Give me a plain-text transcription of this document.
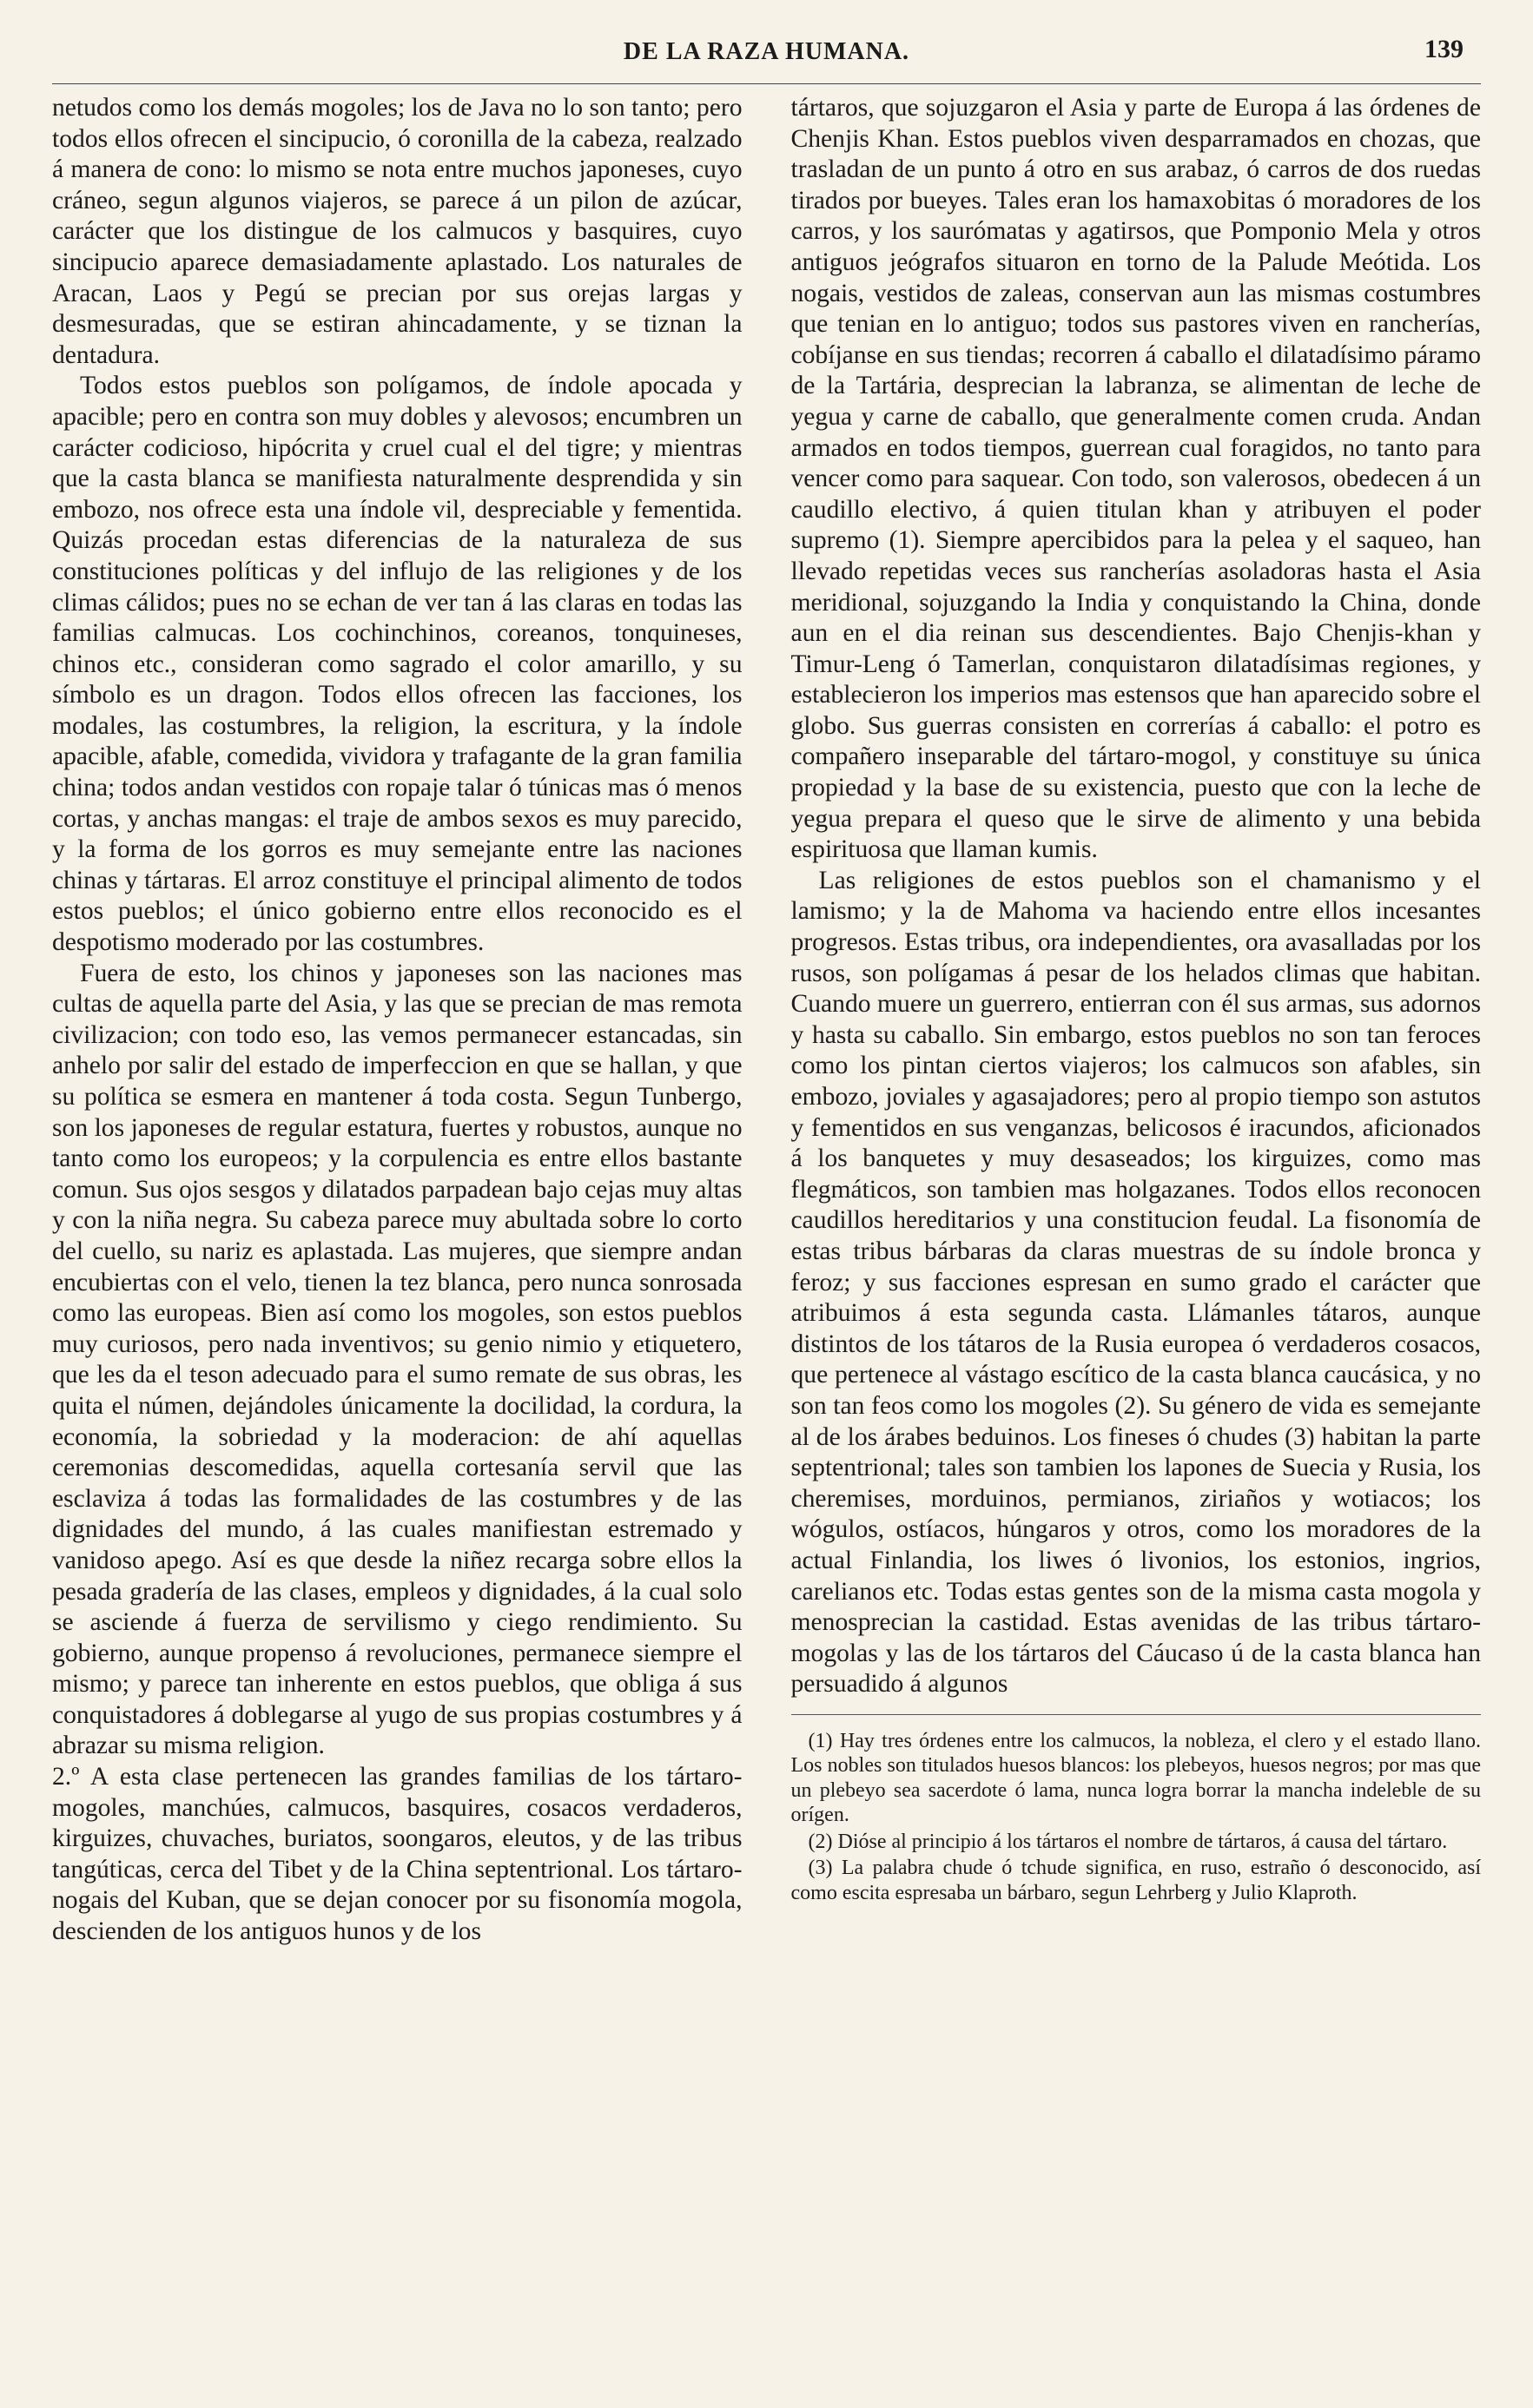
DE LA RAZA HUMANA.	139

netudos como los demás mogoles; los de Java no lo son tanto; pero todos ellos ofrecen el sincipucio, ó coronilla de la cabeza, realzado á manera de cono: lo mismo se nota entre muchos japoneses, cuyo cráneo, segun algunos viajeros, se parece á un pilon de azúcar, carácter que los distingue de los calmucos y basquires, cuyo sincipucio aparece demasiadamente aplastado. Los naturales de Aracan, Laos y Pegú se precian por sus orejas largas y desmesuradas, que se estiran ahincadamente, y se tiznan la dentadura.

Todos estos pueblos son polígamos, de índole apocada y apacible; pero en contra son muy dobles y alevosos; encumbren un carácter codicioso, hipócrita y cruel cual el del tigre; y mientras que la casta blanca se manifiesta naturalmente desprendida y sin embozo, nos ofrece esta una índole vil, despreciable y fementida. Quizás procedan estas diferencias de la naturaleza de sus constituciones políticas y del influjo de las religiones y de los climas cálidos; pues no se echan de ver tan á las claras en todas las familias calmucas. Los cochinchinos, coreanos, tonquineses, chinos etc., consideran como sagrado el color amarillo, y su símbolo es un dragon. Todos ellos ofrecen las facciones, los modales, las costumbres, la religion, la escritura, y la índole apacible, afable, comedida, vividora y trafagante de la gran familia china; todos andan vestidos con ropaje talar ó túnicas mas ó menos cortas, y anchas mangas: el traje de ambos sexos es muy parecido, y la forma de los gorros es muy semejante entre las naciones chinas y tártaras. El arroz constituye el principal alimento de todos estos pueblos; el único gobierno entre ellos reconocido es el despotismo moderado por las costumbres.

Fuera de esto, los chinos y japoneses son las naciones mas cultas de aquella parte del Asia, y las que se precian de mas remota civilizacion; con todo eso, las vemos permanecer estancadas, sin anhelo por salir del estado de imperfeccion en que se hallan, y que su política se esmera en mantener á toda costa. Segun Tunbergo, son los japoneses de regular estatura, fuertes y robustos, aunque no tanto como los europeos; y la corpulencia es entre ellos bastante comun. Sus ojos sesgos y dilatados parpadean bajo cejas muy altas y con la niña negra. Su cabeza parece muy abultada sobre lo corto del cuello, su nariz es aplastada. Las mujeres, que siempre andan encubiertas con el velo, tienen la tez blanca, pero nunca sonrosada como las europeas. Bien así como los mogoles, son estos pueblos muy curiosos, pero nada inventivos; su genio nimio y etiquetero, que les da el teson adecuado para el sumo remate de sus obras, les quita el númen, dejándoles únicamente la docilidad, la cordura, la economía, la sobriedad y la moderacion: de ahí aquellas ceremonias descomedidas, aquella cortesanía servil que las esclaviza á todas las formalidades de las costumbres y de las dignidades del mundo, á las cuales manifiestan estremado y vanidoso apego. Así es que desde la niñez recarga sobre ellos la pesada gradería de las clases, empleos y dignidades, á la cual solo se asciende á fuerza de servilismo y ciego rendimiento. Su gobierno, aunque propenso á revoluciones, permanece siempre el mismo; y parece tan inherente en estos pueblos, que obliga á sus conquistadores á doblegarse al yugo de sus propias costumbres y á abrazar su misma religion.

2.º A esta clase pertenecen las grandes familias de los tártaro-mogoles, manchúes, calmucos, basquires, cosacos verdaderos, kirguizes, chuvaches, buriatos, soongaros, eleutos, y de las tribus tangúticas, cerca del Tibet y de la China septentrional. Los tártaro-nogais del Kuban, que se dejan conocer por su fisonomía mogola, descienden de los antiguos hunos y de los

tártaros, que sojuzgaron el Asia y parte de Europa á las órdenes de Chenjis Khan. Estos pueblos viven desparramados en chozas, que trasladan de un punto á otro en sus arabaz, ó carros de dos ruedas tirados por bueyes. Tales eran los hamaxobitas ó moradores de los carros, y los saurómatas y agatirsos, que Pomponio Mela y otros antiguos jeógrafos situaron en torno de la Palude Meótida. Los nogais, vestidos de zaleas, conservan aun las mismas costumbres que tenian en lo antiguo; todos sus pastores viven en rancherías, cobíjanse en sus tiendas; recorren á caballo el dilatadísimo páramo de la Tartária, desprecian la labranza, se alimentan de leche de yegua y carne de caballo, que generalmente comen cruda. Andan armados en todos tiempos, guerrean cual foragidos, no tanto para vencer como para saquear. Con todo, son valerosos, obedecen á un caudillo electivo, á quien titulan khan y atribuyen el poder supremo (1). Siempre apercibidos para la pelea y el saqueo, han llevado repetidas veces sus rancherías asoladoras hasta el Asia meridional, sojuzgando la India y conquistando la China, donde aun en el dia reinan sus descendientes. Bajo Chenjis-khan y Timur-Leng ó Tamerlan, conquistaron dilatadísimas regiones, y establecieron los imperios mas estensos que han aparecido sobre el globo. Sus guerras consisten en correrías á caballo: el potro es compañero inseparable del tártaro-mogol, y constituye su única propiedad y la base de su existencia, puesto que con la leche de yegua prepara el queso que le sirve de alimento y una bebida espirituosa que llaman kumis.

Las religiones de estos pueblos son el chamanismo y el lamismo; y la de Mahoma va haciendo entre ellos incesantes progresos. Estas tribus, ora independientes, ora avasalladas por los rusos, son polígamas á pesar de los helados climas que habitan. Cuando muere un guerrero, entierran con él sus armas, sus adornos y hasta su caballo. Sin embargo, estos pueblos no son tan feroces como los pintan ciertos viajeros; los calmucos son afables, sin embozo, joviales y agasajadores; pero al propio tiempo son astutos y fementidos en sus venganzas, belicosos é iracundos, aficionados á los banquetes y muy desaseados; los kirguizes, como mas flegmáticos, son tambien mas holgazanes. Todos ellos reconocen caudillos hereditarios y una constitucion feudal. La fisonomía de estas tribus bárbaras da claras muestras de su índole bronca y feroz; y sus facciones espresan en sumo grado el carácter que atribuimos á esta segunda casta. Llámanles tátaros, aunque distintos de los tátaros de la Rusia europea ó verdaderos cosacos, que pertenece al vástago escítico de la casta blanca caucásica, y no son tan feos como los mogoles (2). Su género de vida es semejante al de los árabes beduinos. Los fineses ó chudes (3) habitan la parte septentrional; tales son tambien los lapones de Suecia y Rusia, los cheremises, morduinos, permianos, ziriaños y wotiacos; los wógulos, ostíacos, húngaros y otros, como los moradores de la actual Finlandia, los liwes ó livonios, los estonios, ingrios, carelianos etc. Todas estas gentes son de la misma casta mogola y menosprecian la castidad. Estas avenidas de las tribus tártaro-mogolas y las de los tártaros del Cáucaso ú de la casta blanca han persuadido á algunos

(1) Hay tres órdenes entre los calmucos, la nobleza, el clero y el estado llano. Los nobles son titulados huesos blancos: los plebeyos, huesos negros; por mas que un plebeyo sea sacerdote ó lama, nunca logra borrar la mancha indeleble de su orígen.

(2) Dióse al principio á los tártaros el nombre de tártaros, á causa del tártaro.

(3) La palabra chude ó tchude significa, en ruso, estraño ó desconocido, así como escita espresaba un bárbaro, segun Lehrberg y Julio Klaproth.
